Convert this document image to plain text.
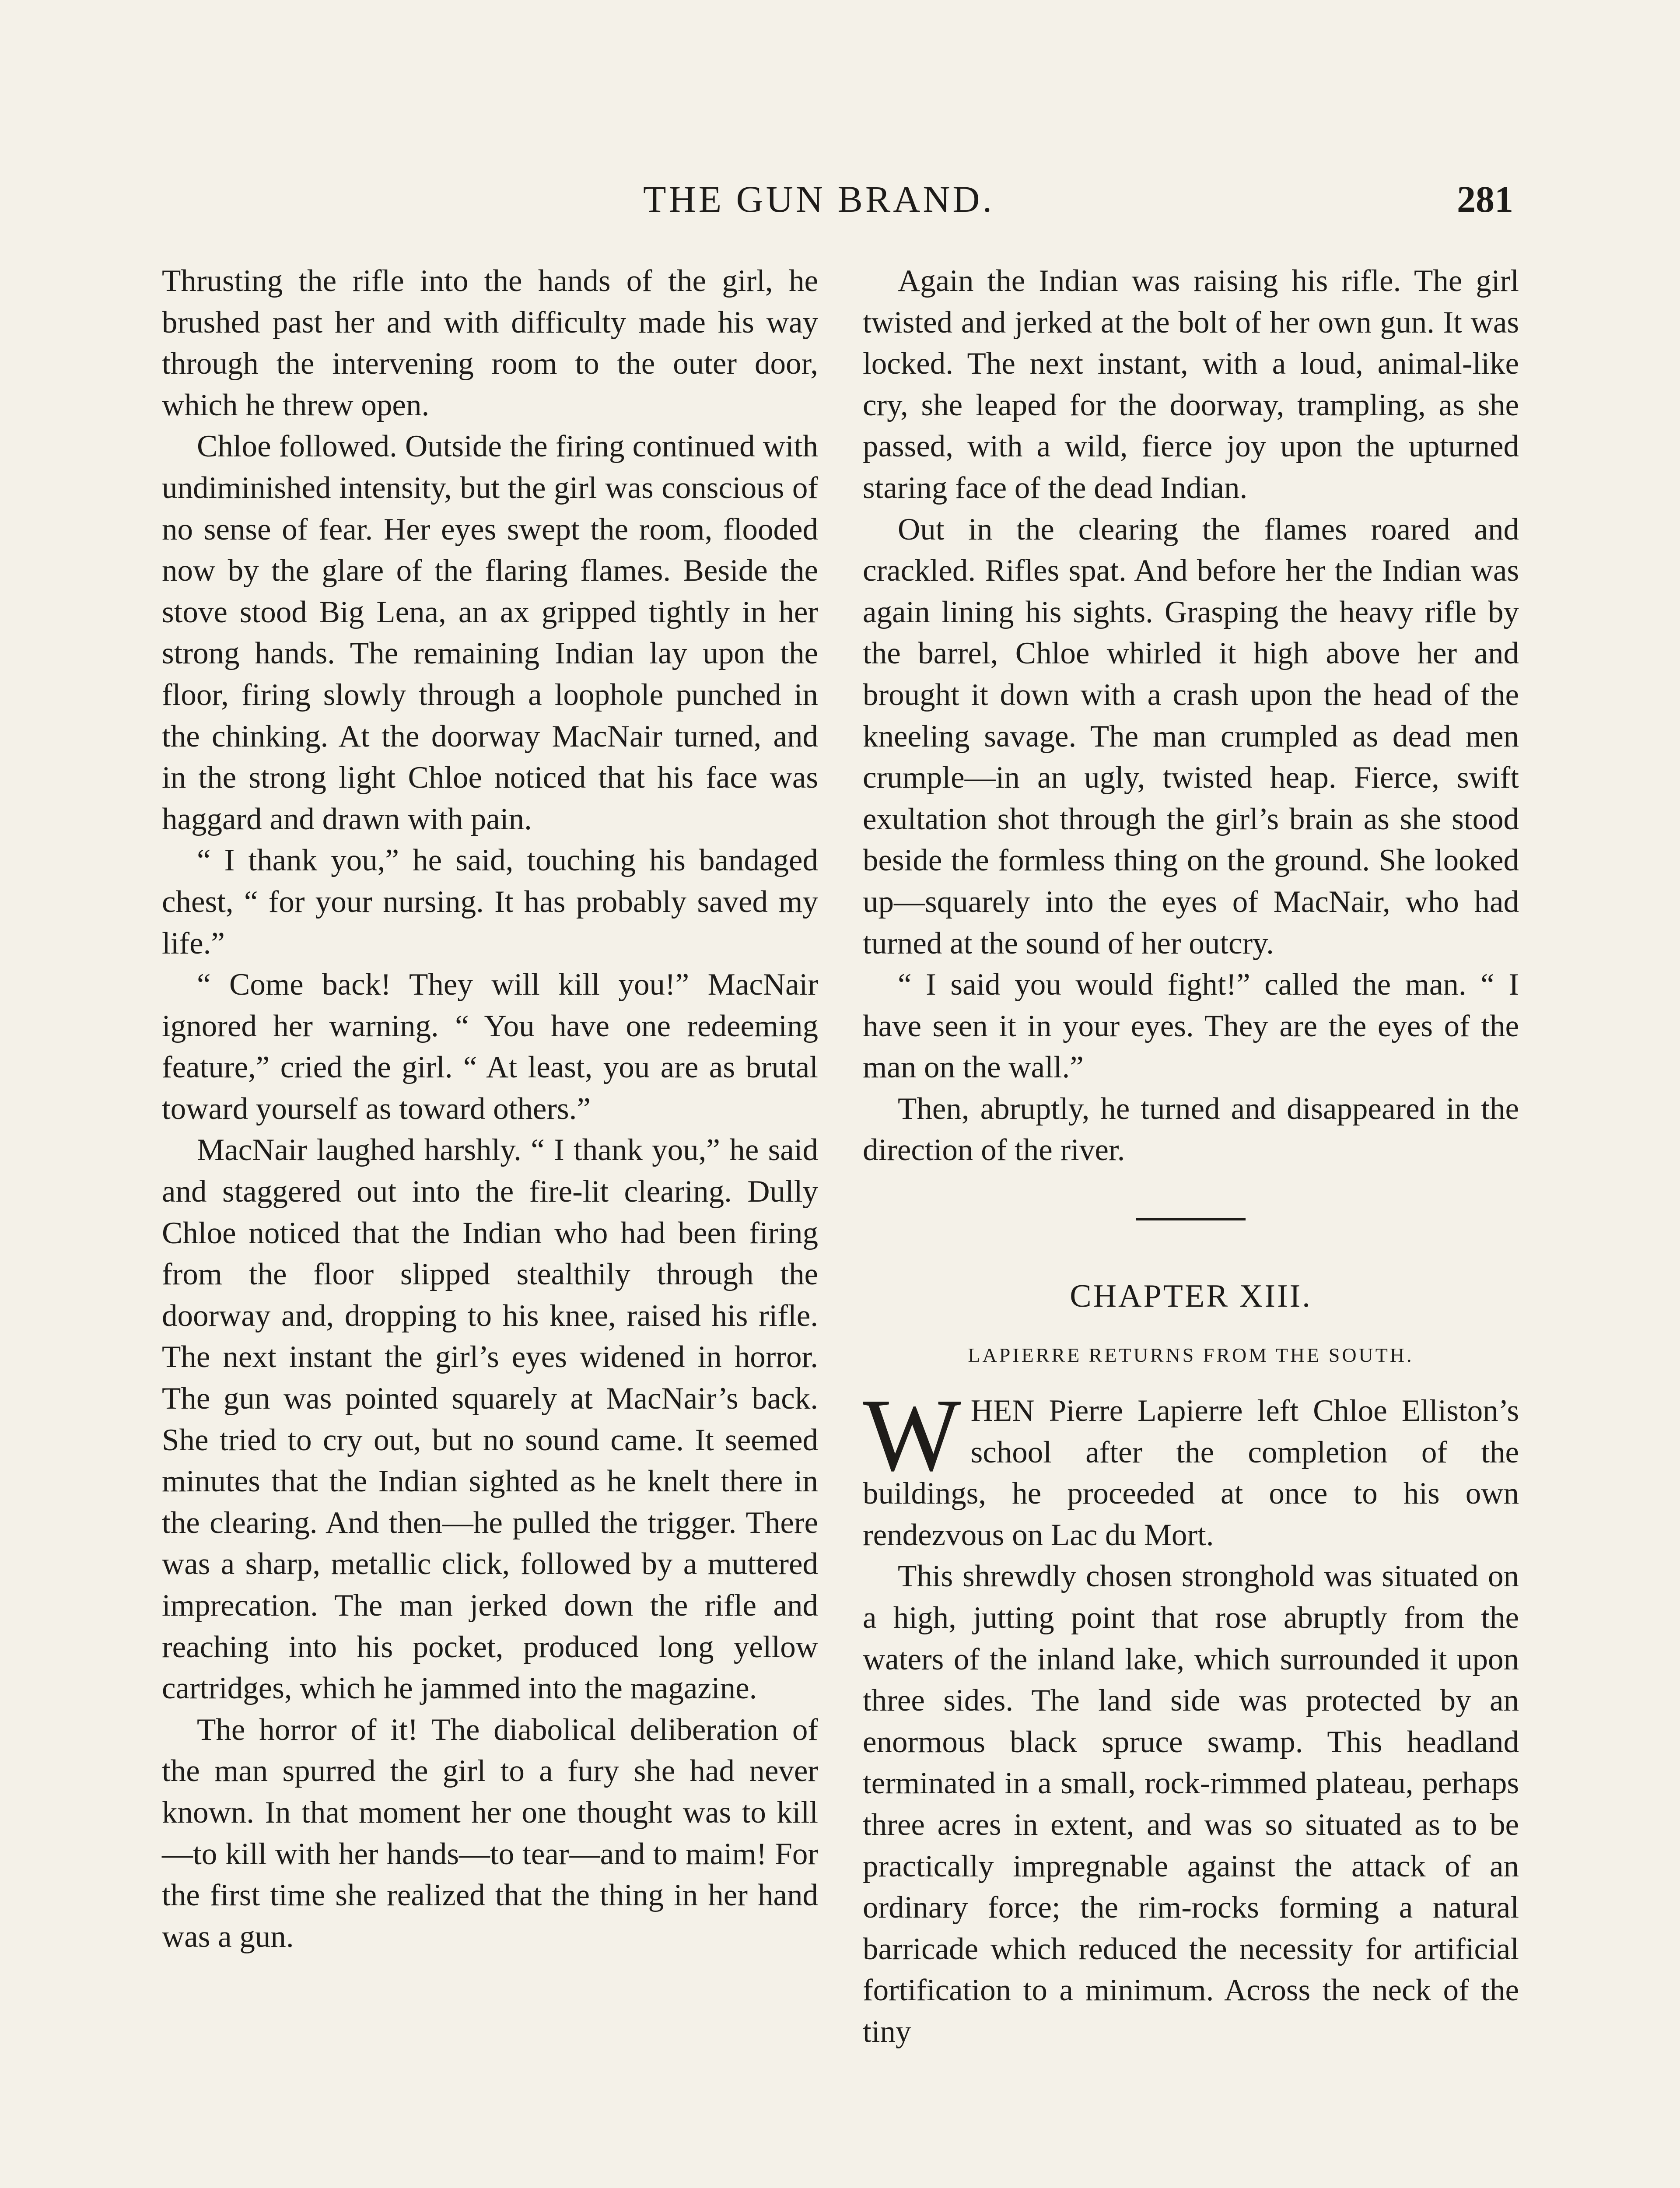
THE GUN BRAND.	281

Thrusting the rifle into the hands of the girl, he brushed past her and with difficulty made his way through the intervening room to the outer door, which he threw open.

Chloe followed. Outside the firing continued with undiminished intensity, but the girl was conscious of no sense of fear. Her eyes swept the room, flooded now by the glare of the flaring flames. Beside the stove stood Big Lena, an ax gripped tightly in her strong hands. The remaining Indian lay upon the floor, firing slowly through a loophole punched in the chinking. At the doorway MacNair turned, and in the strong light Chloe noticed that his face was haggard and drawn with pain.

“ I thank you,” he said, touching his bandaged chest, “ for your nursing. It has probably saved my life.”

“ Come back! They will kill you!” MacNair ignored her warning. “ You have one redeeming feature,” cried the girl. “ At least, you are as brutal toward yourself as toward others.”

MacNair laughed harshly. “ I thank you,” he said and staggered out into the fire-lit clearing. Dully Chloe noticed that the Indian who had been firing from the floor slipped stealthily through the doorway and, dropping to his knee, raised his rifle. The next instant the girl’s eyes widened in horror. The gun was pointed squarely at MacNair’s back. She tried to cry out, but no sound came. It seemed minutes that the Indian sighted as he knelt there in the clearing. And then—he pulled the trigger. There was a sharp, metallic click, followed by a muttered imprecation. The man jerked down the rifle and reaching into his pocket, produced long yellow cartridges, which he jammed into the magazine.

The horror of it! The diabolical deliberation of the man spurred the girl to a fury she had never known. In that moment her one thought was to kill—to kill with her hands—to tear—and to maim! For the first time she realized that the thing in her hand was a gun.

Again the Indian was raising his rifle. The girl twisted and jerked at the bolt of her own gun. It was locked. The next instant, with a loud, animal-like cry, she leaped for the doorway, trampling, as she passed, with a wild, fierce joy upon the upturned staring face of the dead Indian.

Out in the clearing the flames roared and crackled. Rifles spat. And before her the Indian was again lining his sights. Grasping the heavy rifle by the barrel, Chloe whirled it high above her and brought it down with a crash upon the head of the kneeling savage. The man crumpled as dead men crumple—in an ugly, twisted heap. Fierce, swift exultation shot through the girl’s brain as she stood beside the formless thing on the ground. She looked up—squarely into the eyes of MacNair, who had turned at the sound of her outcry.

“ I said you would fight!” called the man. “ I have seen it in your eyes. They are the eyes of the man on the wall.”

Then, abruptly, he turned and disappeared in the direction of the river.

CHAPTER XIII.
LAPIERRE RETURNS FROM THE SOUTH.

WHEN Pierre Lapierre left Chloe Elliston’s school after the completion of the buildings, he proceeded at once to his own rendezvous on Lac du Mort.

This shrewdly chosen stronghold was situated on a high, jutting point that rose abruptly from the waters of the inland lake, which surrounded it upon three sides. The land side was protected by an enormous black spruce swamp. This headland terminated in a small, rock-rimmed plateau, perhaps three acres in extent, and was so situated as to be practically impregnable against the attack of an ordinary force; the rim-rocks forming a natural barricade which reduced the necessity for artificial fortification to a minimum. Across the neck of the tiny
